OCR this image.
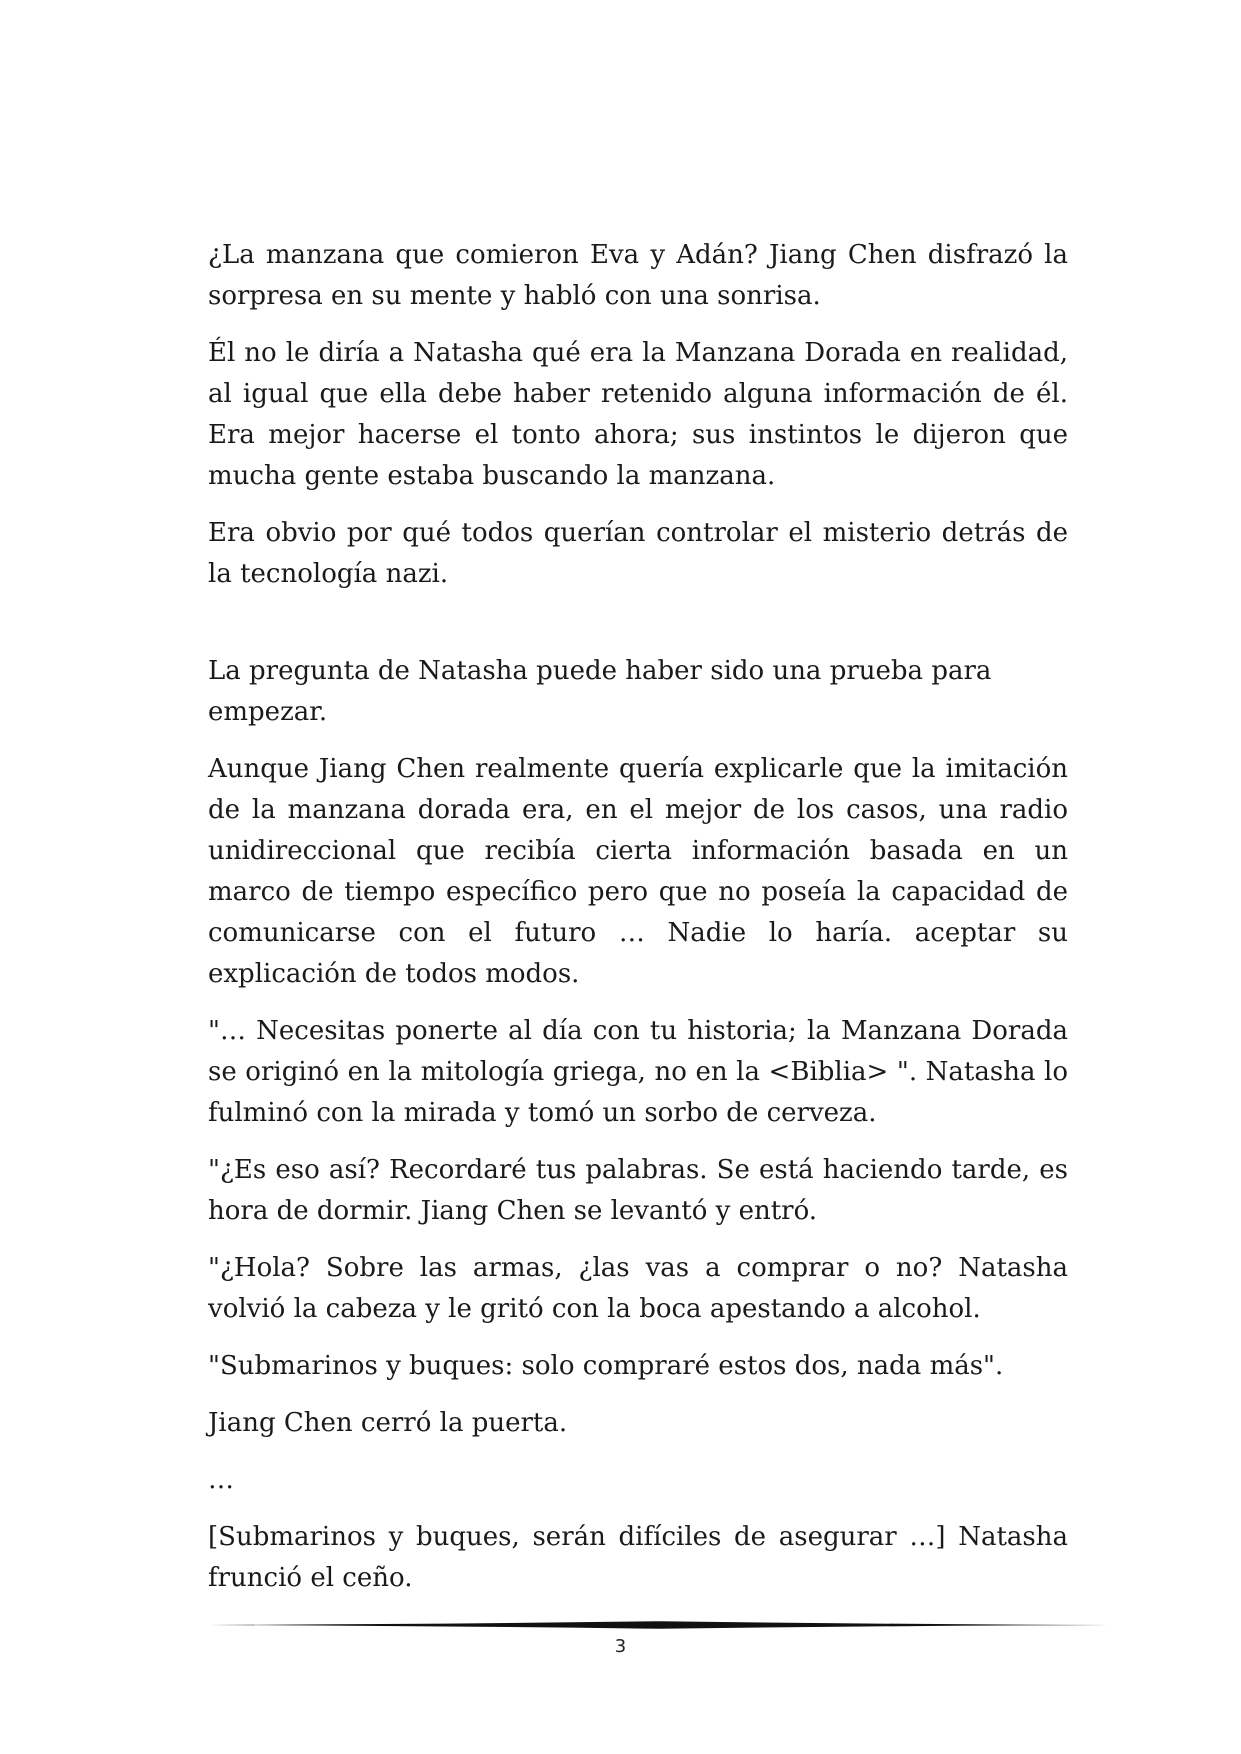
¿La manzana que comieron Eva y Adán? Jiang Chen disfrazó la sorpresa en su mente y habló con una sonrisa.

Él no le diría a Natasha qué era la Manzana Dorada en realidad, al igual que ella debe haber retenido alguna información de él. Era mejor hacerse el tonto ahora; sus instintos le dijeron que mucha gente estaba buscando la manzana.

Era obvio por qué todos querían controlar el misterio detrás de la tecnología nazi.

La pregunta de Natasha puede haber sido una prueba para empezar.

Aunque Jiang Chen realmente quería explicarle que la imitación de la manzana dorada era, en el mejor de los casos, una radio unidireccional que recibía cierta información basada en un marco de tiempo específico pero que no poseía la capacidad de comunicarse con el futuro … Nadie lo haría. aceptar su explicación de todos modos.

"… Necesitas ponerte al día con tu historia; la Manzana Dorada se originó en la mitología griega, no en la <Biblia> ". Natasha lo fulminó con la mirada y tomó un sorbo de cerveza.

"¿Es eso así? Recordaré tus palabras. Se está haciendo tarde, es hora de dormir. Jiang Chen se levantó y entró.

"¿Hola? Sobre las armas, ¿las vas a comprar o no? Natasha volvió la cabeza y le gritó con la boca apestando a alcohol.

"Submarinos y buques: solo compraré estos dos, nada más".

Jiang Chen cerró la puerta.

…

[Submarinos y buques, serán difíciles de asegurar …] Natasha frunció el ceño.

3
